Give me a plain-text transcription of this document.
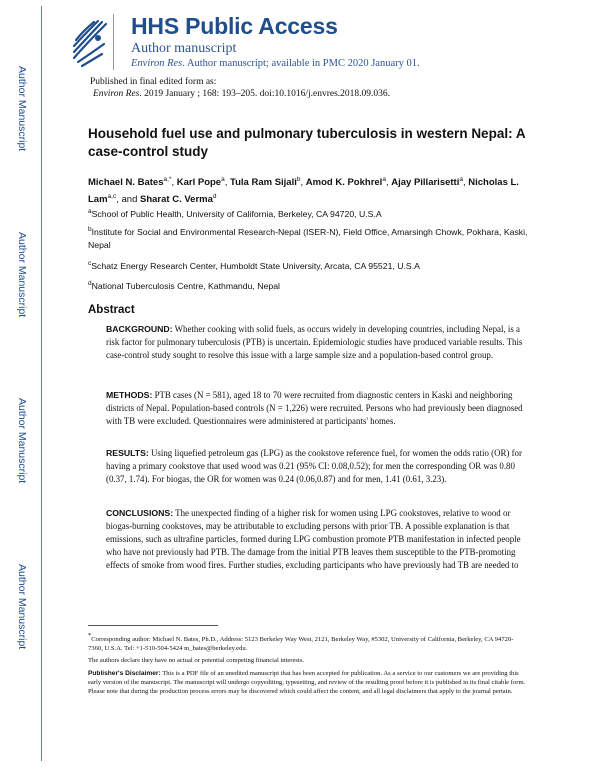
Author Manuscript
Author Manuscript
Author Manuscript
Author Manuscript
HHS Public Access
Author manuscript
Environ Res. Author manuscript; available in PMC 2020 January 01.
Published in final edited form as:
Environ Res. 2019 January ; 168: 193–205. doi:10.1016/j.envres.2018.09.036.
Household fuel use and pulmonary tuberculosis in western Nepal: A case-control study
Michael N. Bates$^{a,*}$, Karl Pope$^a$, Tula Ram Sijali$^b$, Amod K. Pokhrel$^a$, Ajay Pillarisetti$^a$, Nicholas L. Lam$^{a,c}$, and Sharat C. Verma$^d$
$^a$School of Public Health, University of California, Berkeley, CA 94720, U.S.A
$^b$Institute for Social and Environmental Research-Nepal (ISER-N), Field Office, Amarsingh Chowk, Pokhara, Kaski, Nepal
$^c$Schatz Energy Research Center, Humboldt State University, Arcata, CA 95521, U.S.A
$^d$National Tuberculosis Centre, Kathmandu, Nepal
Abstract
BACKGROUND: Whether cooking with solid fuels, as occurs widely in developing countries, including Nepal, is a risk factor for pulmonary tuberculosis (PTB) is uncertain. Epidemiologic studies have produced variable results. This case-control study sought to resolve this issue with a large sample size and a population-based control group.
METHODS: PTB cases (N = 581), aged 18 to 70 were recruited from diagnostic centers in Kaski and neighboring districts of Nepal. Population-based controls (N = 1,226) were recruited. Persons who had previously been diagnosed with TB were excluded. Questionnaires were administered at participants' homes.
RESULTS: Using liquefied petroleum gas (LPG) as the cookstove reference fuel, for women the odds ratio (OR) for having a primary cookstove that used wood was 0.21 (95% CI: 0.08,0.52); for men the corresponding OR was 0.80 (0.37, 1.74). For biogas, the OR for women was 0.24 (0.06,0.87) and for men, 1.41 (0.61, 3.23).
CONCLUSIONS: The unexpected finding of a higher risk for women using LPG cookstoves, relative to wood or biogas-burning cookstoves, may be attributable to excluding persons with prior TB. A possible explanation is that emissions, such as ultrafine particles, formed during LPG combustion promote PTB manifestation in infected people who have not previously had PTB. The damage from the initial PTB leaves them susceptible to the PTB-promoting effects of smoke from wood fires. Further studies, excluding participants who have previously had TB are needed to
*Corresponding author: Michael N. Bates, Ph.D., Address: 5123 Berkeley Way West, 2121, Berkeley Way, #5302, University of California, Berkeley, CA 94720-7360, U.S.A. Tel: +1-510-504-5424 m_bates@berkeley.edu.
The authors declare they have no actual or potential competing financial interests.
Publisher's Disclaimer: This is a PDF file of an unedited manuscript that has been accepted for publication. As a service to our customers we are providing this early version of the manuscript. The manuscript will undergo copyediting, typesetting, and review of the resulting proof before it is published in its final citable form. Please note that during the production process errors may be discovered which could affect the content, and all legal disclaimers that apply to the journal pertain.
